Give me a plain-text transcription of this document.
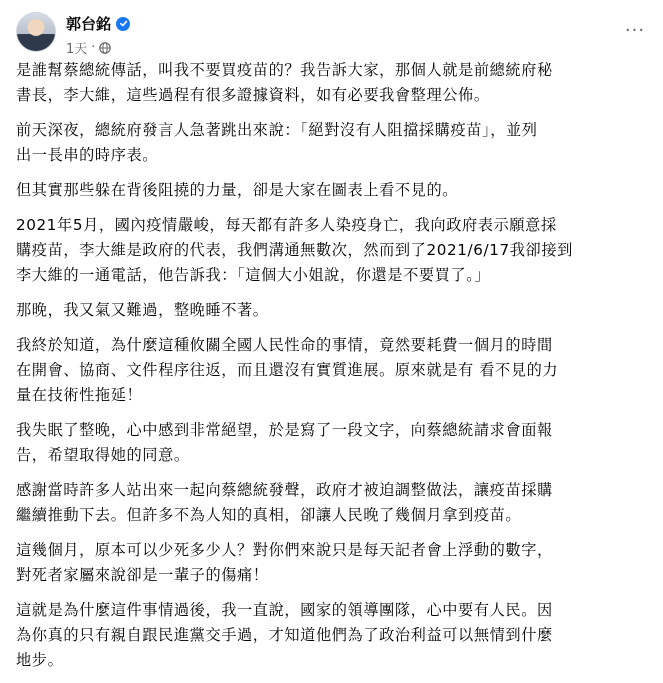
郭台銘
1天 ·
···

是誰幫蔡總統傳話，叫我不要買疫苗的？我告訴大家，那個人就是前總統府秘
書長，李大維，這些過程有很多證據資料，如有必要我會整理公佈。

前天深夜，總統府發言人急著跳出來說：「絕對沒有人阻擋採購疫苗」，並列
出一長串的時序表。

但其實那些躲在背後阻撓的力量，卻是大家在圖表上看不見的。

2021年5月，國內疫情嚴峻，每天都有許多人染疫身亡，我向政府表示願意採
購疫苗，李大維是政府的代表，我們溝通無數次，然而到了2021/6/17我卻接到
李大維的一通電話，他告訴我：「這個大小姐說，你還是不要買了。」

那晚，我又氣又難過，整晚睡不著。

我終於知道，為什麼這種攸關全國人民性命的事情，竟然要耗費一個月的時間
在開會、協商、文件程序往返，而且還沒有實質進展。原來就是有 看不見的力
量在技術性拖延！

我失眠了整晚，心中感到非常絕望，於是寫了一段文字，向蔡總統請求會面報
告，希望取得她的同意。

感謝當時許多人站出來一起向蔡總統發聲，政府才被迫調整做法，讓疫苗採購
繼續推動下去。但許多不為人知的真相，卻讓人民晚了幾個月拿到疫苗。

這幾個月，原本可以少死多少人？對你們來說只是每天記者會上浮動的數字，
對死者家屬來說卻是一輩子的傷痛！

這就是為什麼這件事情過後，我一直說，國家的領導團隊，心中要有人民。因
為你真的只有親自跟民進黨交手過，才知道他們為了政治利益可以無情到什麼
地步。
